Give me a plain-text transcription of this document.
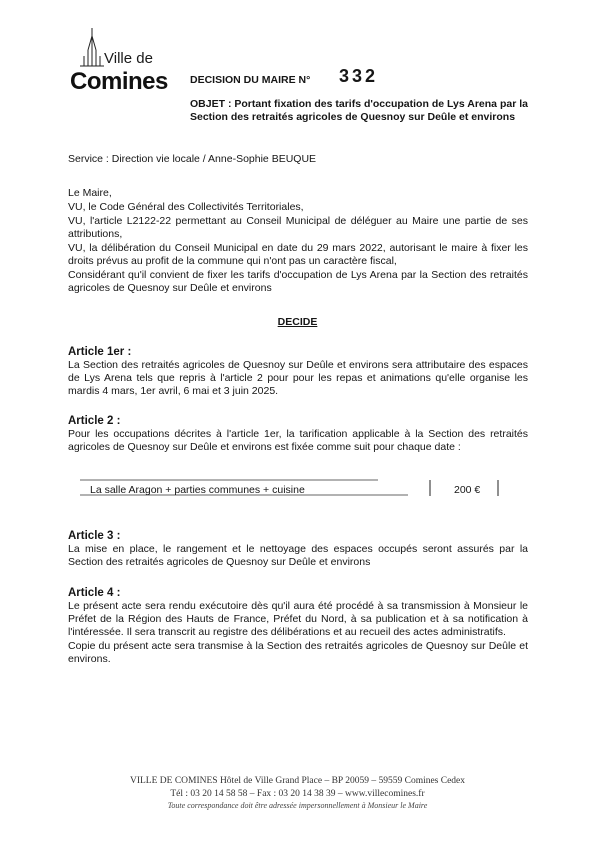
Ville de
Comines DECISION DU MAIRE N° 332

OBJET : Portant fixation des tarifs d'occupation de Lys Arena par la Section des retraités agricoles de Quesnoy sur Deûle et environs

Service : Direction vie locale / Anne-Sophie BEUQUE

Le Maire,

VU, le Code Général des Collectivités Territoriales,

VU, l'article L2122-22 permettant au Conseil Municipal de déléguer au Maire une partie de ses attributions,

VU, la délibération du Conseil Municipal en date du 29 mars 2022, autorisant le maire à fixer les droits prévus au profit de la commune qui n'ont pas un caractère fiscal,

Considérant qu'il convient de fixer les tarifs d'occupation de Lys Arena par la Section des retraités agricoles de Quesnoy sur Deûle et environs

DECIDE

Article 1er :

La Section des retraités agricoles de Quesnoy sur Deûle et environs sera attributaire des espaces de Lys Arena tels que repris à l'article 2 pour pour les repas et animations qu'elle organise les mardis 4 mars, 1er avril, 6 mai et 3 juin 2025.

Article 2 :

Pour les occupations décrites à l'article 1er, la tarification applicable à la Section des retraités agricoles de Quesnoy sur Deûle et environs est fixée comme suit pour chaque date :

La salle Aragon + parties communes + cuisine	200 €

Article 3 :

La mise en place, le rangement et le nettoyage des espaces occupés seront assurés par la Section des retraités agricoles de Quesnoy sur Deûle et environs

Article 4 :

Le présent acte sera rendu exécutoire dès qu'il aura été procédé à sa transmission à Monsieur le Préfet de la Région des Hauts de France, Préfet du Nord, à sa publication et à sa notification à l'intéressée. Il sera transcrit au registre des délibérations et au recueil des actes administratifs.

Copie du présent acte sera transmise à la Section des retraités agricoles de Quesnoy sur Deûle et environs.

VILLE DE COMINES Hôtel de Ville Grand Place – BP 20059 – 59559 Comines Cedex
Tél : 03 20 14 58 58 – Fax : 03 20 14 38 39 – www.villecomines.fr
Toute correspondance doit être adressée impersonnellement à Monsieur le Maire
